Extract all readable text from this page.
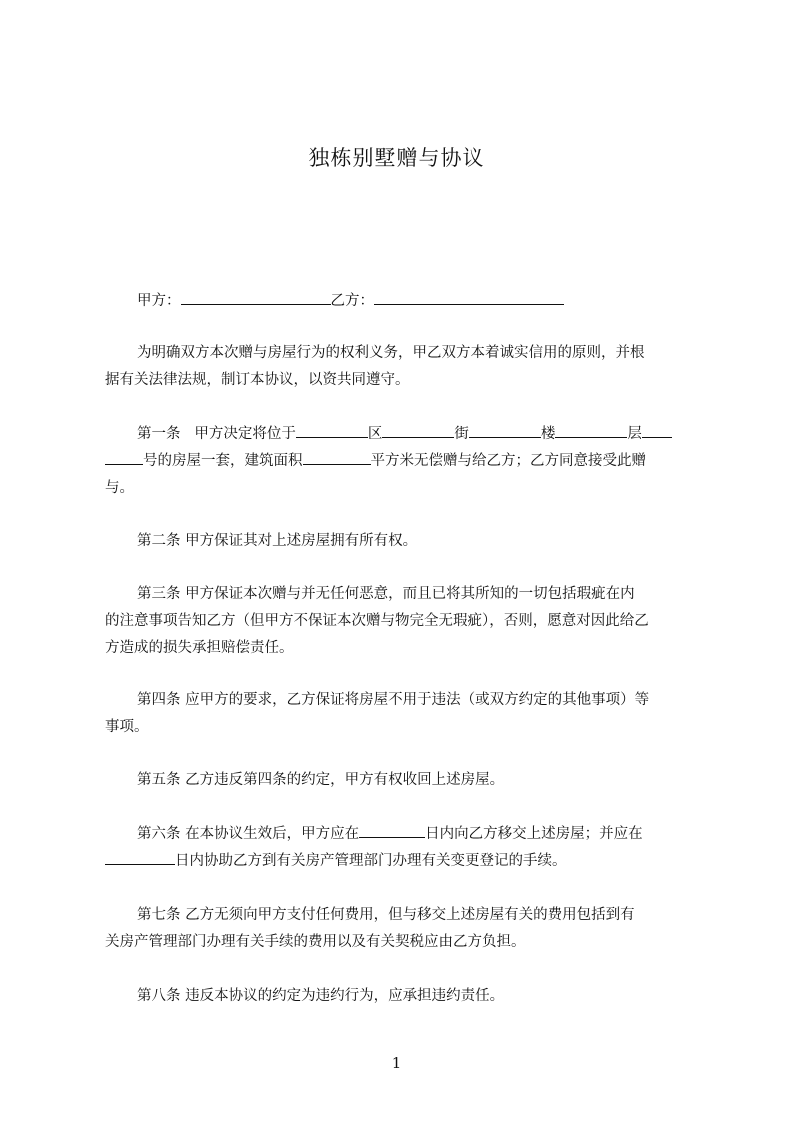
独栋别墅赠与协议
甲方：	乙方：
为明确双方本次赠与房屋行为的权利义务，甲乙双方本着诚实信用的原则，并根
据有关法律法规，制订本协议，以资共同遵守。
第一条 甲方决定将位于	区	街	楼	层
号的房屋一套，建筑面积	平方米无偿赠与给乙方；乙方同意接受此赠
与。
第二条 甲方保证其对上述房屋拥有所有权。
第三条 甲方保证本次赠与并无任何恶意，而且已将其所知的一切包括瑕疵在内
的注意事项告知乙方（但甲方不保证本次赠与物完全无瑕疵），否则，愿意对因此给乙
方造成的损失承担赔偿责任。
第四条 应甲方的要求，乙方保证将房屋不用于违法（或双方约定的其他事项）等
事项。
第五条 乙方违反第四条的约定，甲方有权收回上述房屋。
第六条 在本协议生效后，甲方应在	日内向乙方移交上述房屋；并应在
日内协助乙方到有关房产管理部门办理有关变更登记的手续。
第七条 乙方无须向甲方支付任何费用，但与移交上述房屋有关的费用包括到有
关房产管理部门办理有关手续的费用以及有关契税应由乙方负担。
第八条 违反本协议的约定为违约行为，应承担违约责任。
1
